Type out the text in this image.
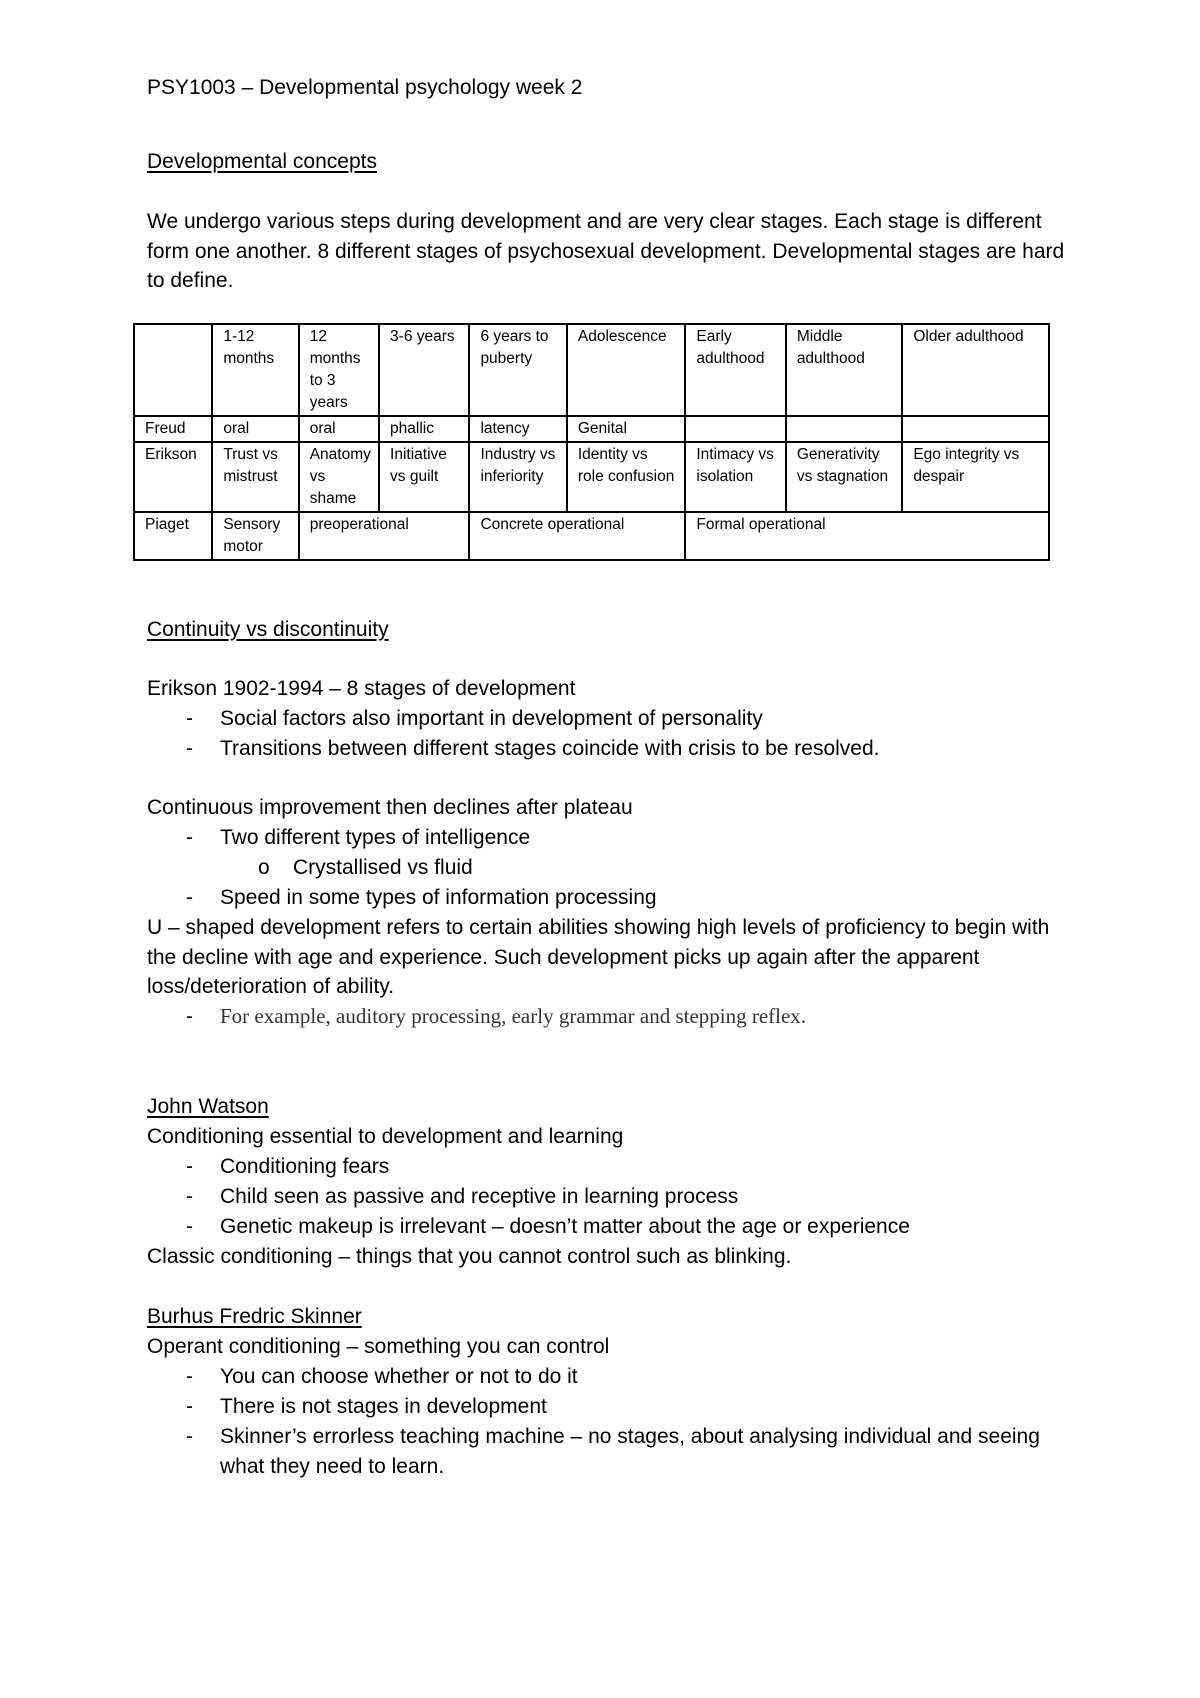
PSY1003 – Developmental psychology week 2
Developmental concepts
We undergo various steps during development and are very clear stages. Each stage is different form one another. 8 different stages of psychosexual development. Developmental stages are hard to define.
	1-12 months	12 months to 3 years	3-6 years	6 years to puberty	Adolescence	Early adulthood	Middle adulthood	Older adulthood
Freud	oral	oral	phallic	latency	Genital			
Erikson	Trust vs mistrust	Anatomy vs shame	Initiative vs guilt	Industry vs inferiority	Identity vs role confusion	Intimacy vs isolation	Generativity vs stagnation	Ego integrity vs despair
Piaget	Sensory motor	preoperational		Concrete operational		Formal operational		
Continuity vs discontinuity
Erikson 1902-1994 – 8 stages of development
- Social factors also important in development of personality
- Transitions between different stages coincide with crisis to be resolved.
Continuous improvement then declines after plateau
- Two different types of intelligence
o Crystallised vs fluid
- Speed in some types of information processing
U – shaped development refers to certain abilities showing high levels of proficiency to begin with the decline with age and experience. Such development picks up again after the apparent loss/deterioration of ability.
- For example, auditory processing, early grammar and stepping reflex.
John Watson
Conditioning essential to development and learning
- Conditioning fears
- Child seen as passive and receptive in learning process
- Genetic makeup is irrelevant – doesn’t matter about the age or experience
Classic conditioning – things that you cannot control such as blinking.
Burhus Fredric Skinner
Operant conditioning – something you can control
- You can choose whether or not to do it
- There is not stages in development
- Skinner’s errorless teaching machine – no stages, about analysing individual and seeing what they need to learn.
